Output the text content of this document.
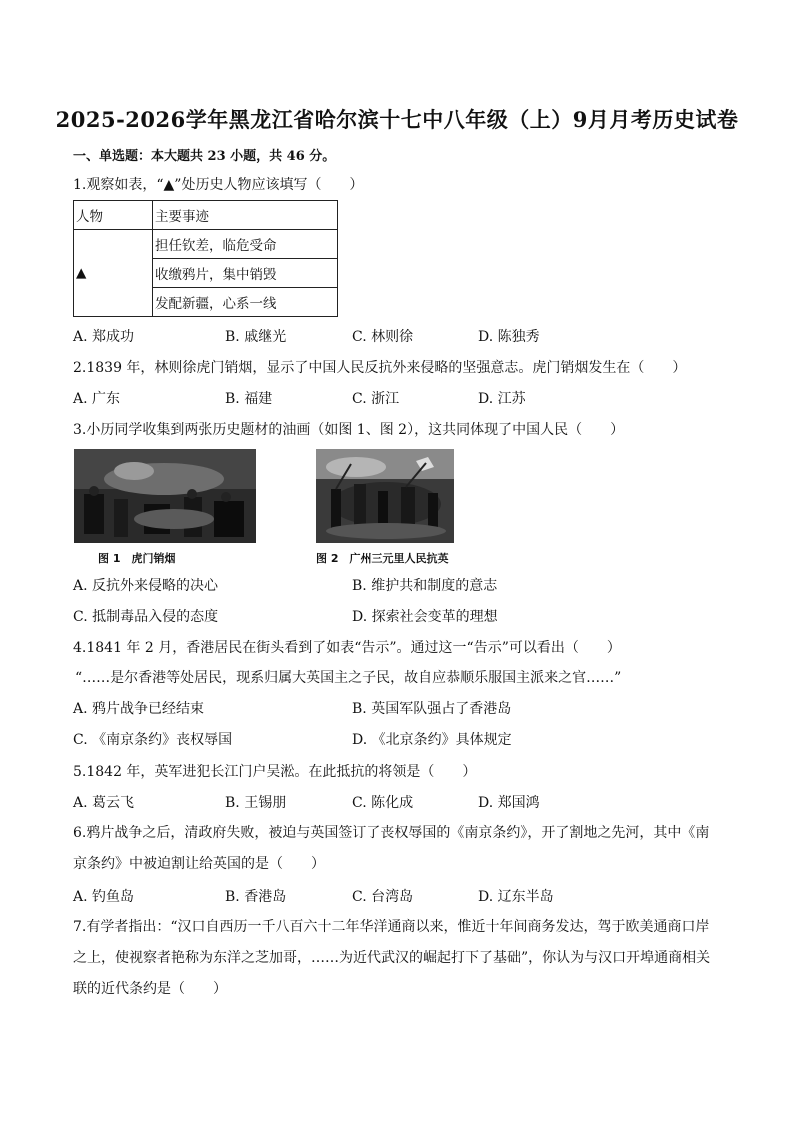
2025-2026学年黑龙江省哈尔滨十七中八年级（上）9月月考历史试卷
一、单选题：本大题共 23 小题，共 46 分。
1.观察如表，“▲”处历史人物应该填写（　　）
人物	主要事迹
▲	担任钦差，临危受命
	收缴鸦片，集中销毁
	发配新疆，心系一线
A. 郑成功	B. 戚继光	C. 林则徐	D. 陈独秀
2.1839 年，林则徐虎门销烟，显示了中国人民反抗外来侵略的坚强意志。虎门销烟发生在（　　）
A. 广东	B. 福建	C. 浙江	D. 江苏
3.小历同学收集到两张历史题材的油画（如图 1、图 2），这共同体现了中国人民（　　）
图 1　虎门销烟	图 2　广州三元里人民抗英
A. 反抗外来侵略的决心	B. 维护共和制度的意志
C. 抵制毒品入侵的态度	D. 探索社会变革的理想
4.1841 年 2 月，香港居民在街头看到了如表“告示”。通过这一“告示”可以看出（　　）
“……是尔香港等处居民，现系归属大英国主之子民，故自应恭顺乐服国主派来之官……”
A. 鸦片战争已经结束	B. 英国军队强占了香港岛
C. 《南京条约》丧权辱国	D. 《北京条约》具体规定
5.1842 年，英军进犯长江门户吴淞。在此抵抗的将领是（　　）
A. 葛云飞	B. 王锡朋	C. 陈化成	D. 郑国鸿
6.鸦片战争之后，清政府失败，被迫与英国签订了丧权辱国的《南京条约》，开了割地之先河，其中《南京条约》中被迫割让给英国的是（　　）
A. 钓鱼岛	B. 香港岛	C. 台湾岛	D. 辽东半岛
7.有学者指出：“汉口自西历一千八百六十二年华洋通商以来，惟近十年间商务发达，驾于欧美通商口岸之上，使视察者艳称为东洋之芝加哥，……为近代武汉的崛起打下了基础”，你认为与汉口开埠通商相关联的近代条约是（　　）
